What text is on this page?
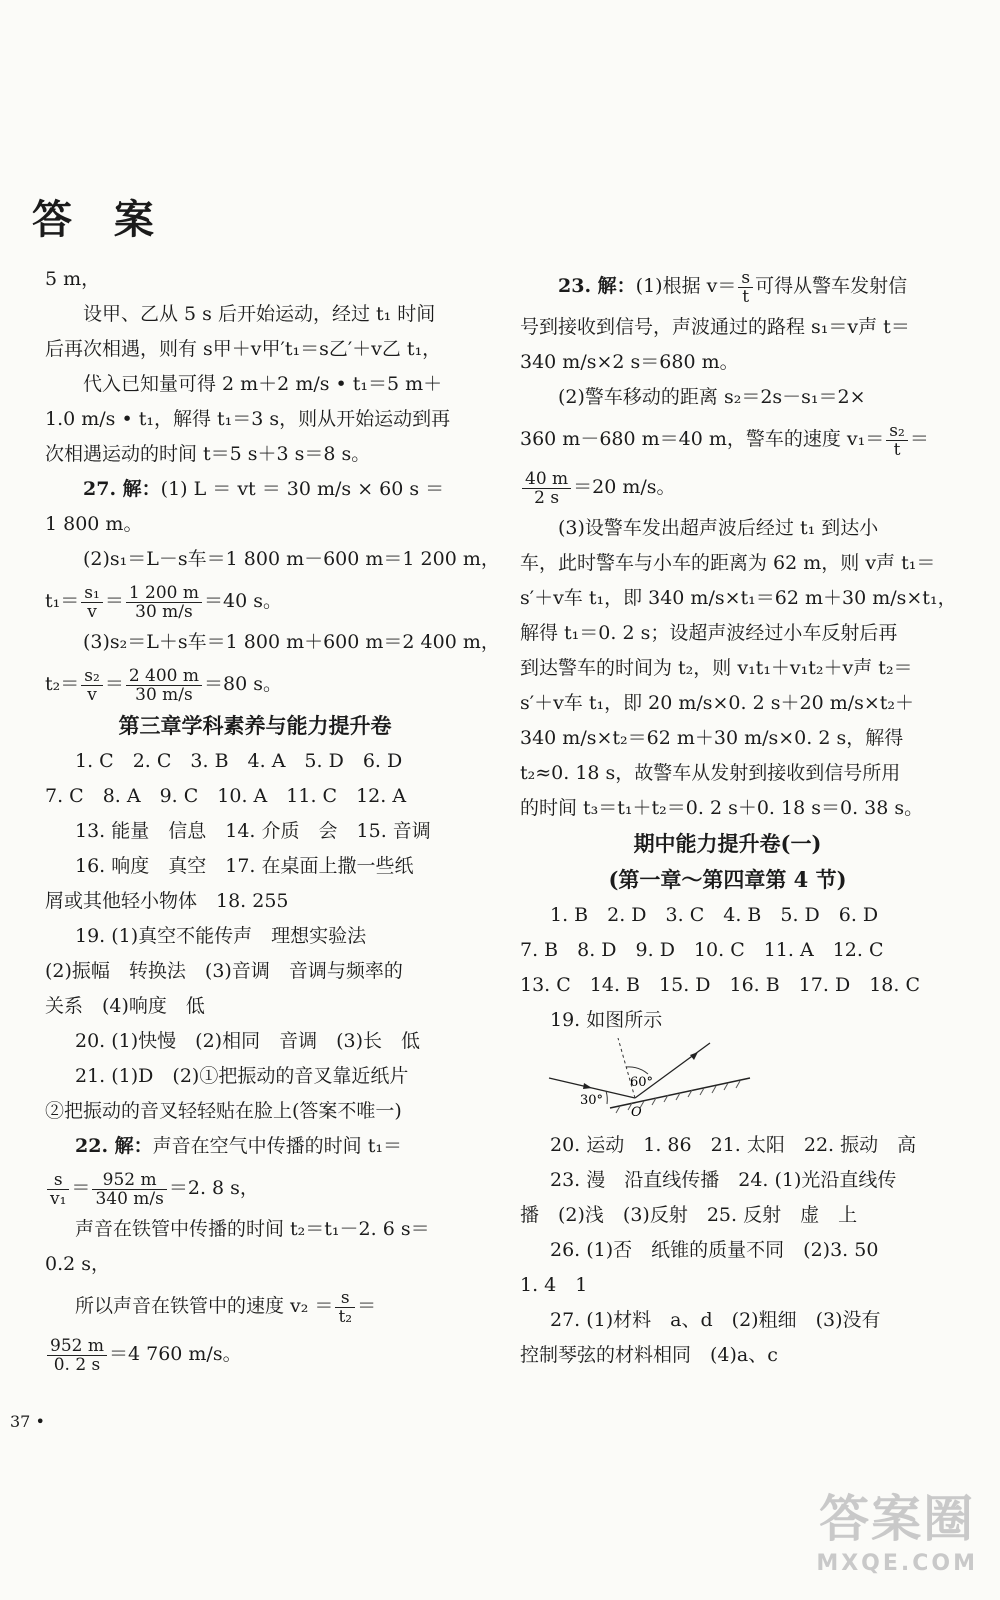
答 案
5 m，
设甲、乙从 5 s 后开始运动，经过 t₁ 时间
后再次相遇，则有 s甲＋v甲′t₁＝s乙′＋v乙 t₁，
代入已知量可得 2 m＋2 m/s • t₁＝5 m＋
1.0 m/s • t₁，解得 t₁＝3 s，则从开始运动到再
次相遇运动的时间 t＝5 s＋3 s＝8 s。
27. 解：(1) L ＝ vt ＝ 30 m/s × 60 s ＝
1 800 m。
(2)s₁＝L－s车＝1 800 m－600 m＝1 200 m，
$t_1= \frac{\text{s₁}}{v} = \frac{1 200 m}{30 m/s} =40$ s。
(3)s₂＝L＋s车＝1 800 m＋600 m＝2 400 m，
$t_2= \frac{\text{s₂}}{v} = \frac{2 400 m}{30 m/s} =80$ s。
第三章学科素养与能力提升卷
1. C　2. C　3. B　4. A　5. D　6. D
7. C　8. A　9. C　10. A　11. C　12. A
13. 能量　信息　14. 介质　会　15. 音调
16. 响度　真空　17. 在桌面上撒一些纸
屑或其他轻小物体　18. 255
19. (1)真空不能传声　理想实验法
(2)振幅　转换法　(3)音调　音调与频率的
关系　(4)响度　低
20. (1)快慢　(2)相同　音调　(3)长　低
21. (1)D　(2)①把振动的音叉靠近纸片
②把振动的音叉轻轻贴在脸上(答案不唯一)
22. 解：声音在空气中传播的时间 t₁＝
$\frac{s}{\text{v₁}} = \frac{952 m}{340 m/s} =2$. 8 s，
声音在铁管中传播的时间 t₂＝t₁－2. 6 s＝
0.2 s，
所以声音在铁管中的速度 $v_2 = \frac{s}{\text{t₂}}$ ＝
$\frac{952 m}{0. 2 s} =4$ 760 m/s。
23. 解：(1)根据 $v= \frac{s}{t}$ 可得从警车发射信
号到接收到信号，声波通过的路程 s₁＝v声 t＝
340 m/s×2 s＝680 m。
(2)警车移动的距离 s₂＝2s－s₁＝2×
360 m－680 m＝40 m，警车的速度 $v_1= \frac{\text{s₂}}{t}$ ＝
$\frac{40 m}{2 s} =20$ m/s。
(3)设警车发出超声波后经过 t₁ 到达小
车，此时警车与小车的距离为 62 m，则 v声 t₁＝
s′＋v车 t₁，即 340 m/s×t₁＝62 m＋30 m/s×t₁，
解得 t₁＝0. 2 s；设超声波经过小车反射后再
到达警车的时间为 t₂，则 v₁t₁＋v₁t₂＋v声 t₂＝
s′＋v车 t₁，即 20 m/s×0. 2 s＋20 m/s×t₂＋
340 m/s×t₂＝62 m＋30 m/s×0. 2 s，解得
t₂≈0. 18 s，故警车从发射到接收到信号所用
的时间 t₃＝t₁＋t₂＝0. 2 s＋0. 18 s＝0. 38 s。
期中能力提升卷(一)
(第一章～第四章第 4 节)
1. B　2. D　3. C　4. B　5. D　6. D
7. B　8. D　9. D　10. C　11. A　12. C
13. C　14. B　15. D　16. B　17. D　18. C
19. 如图所示
60°
30°
O
20. 运动　1. 86　21. 太阳　22. 振动　高
23. 漫　沿直线传播　24. (1)光沿直线传
播　(2)浅　(3)反射　25. 反射　虚　上
26. (1)否　纸锥的质量不同　(2)3. 50
1. 4　1
27. (1)材料　a、d　(2)粗细　(3)没有
控制琴弦的材料相同　(4)a、c
37 •
答案圈
MXQE.COM
